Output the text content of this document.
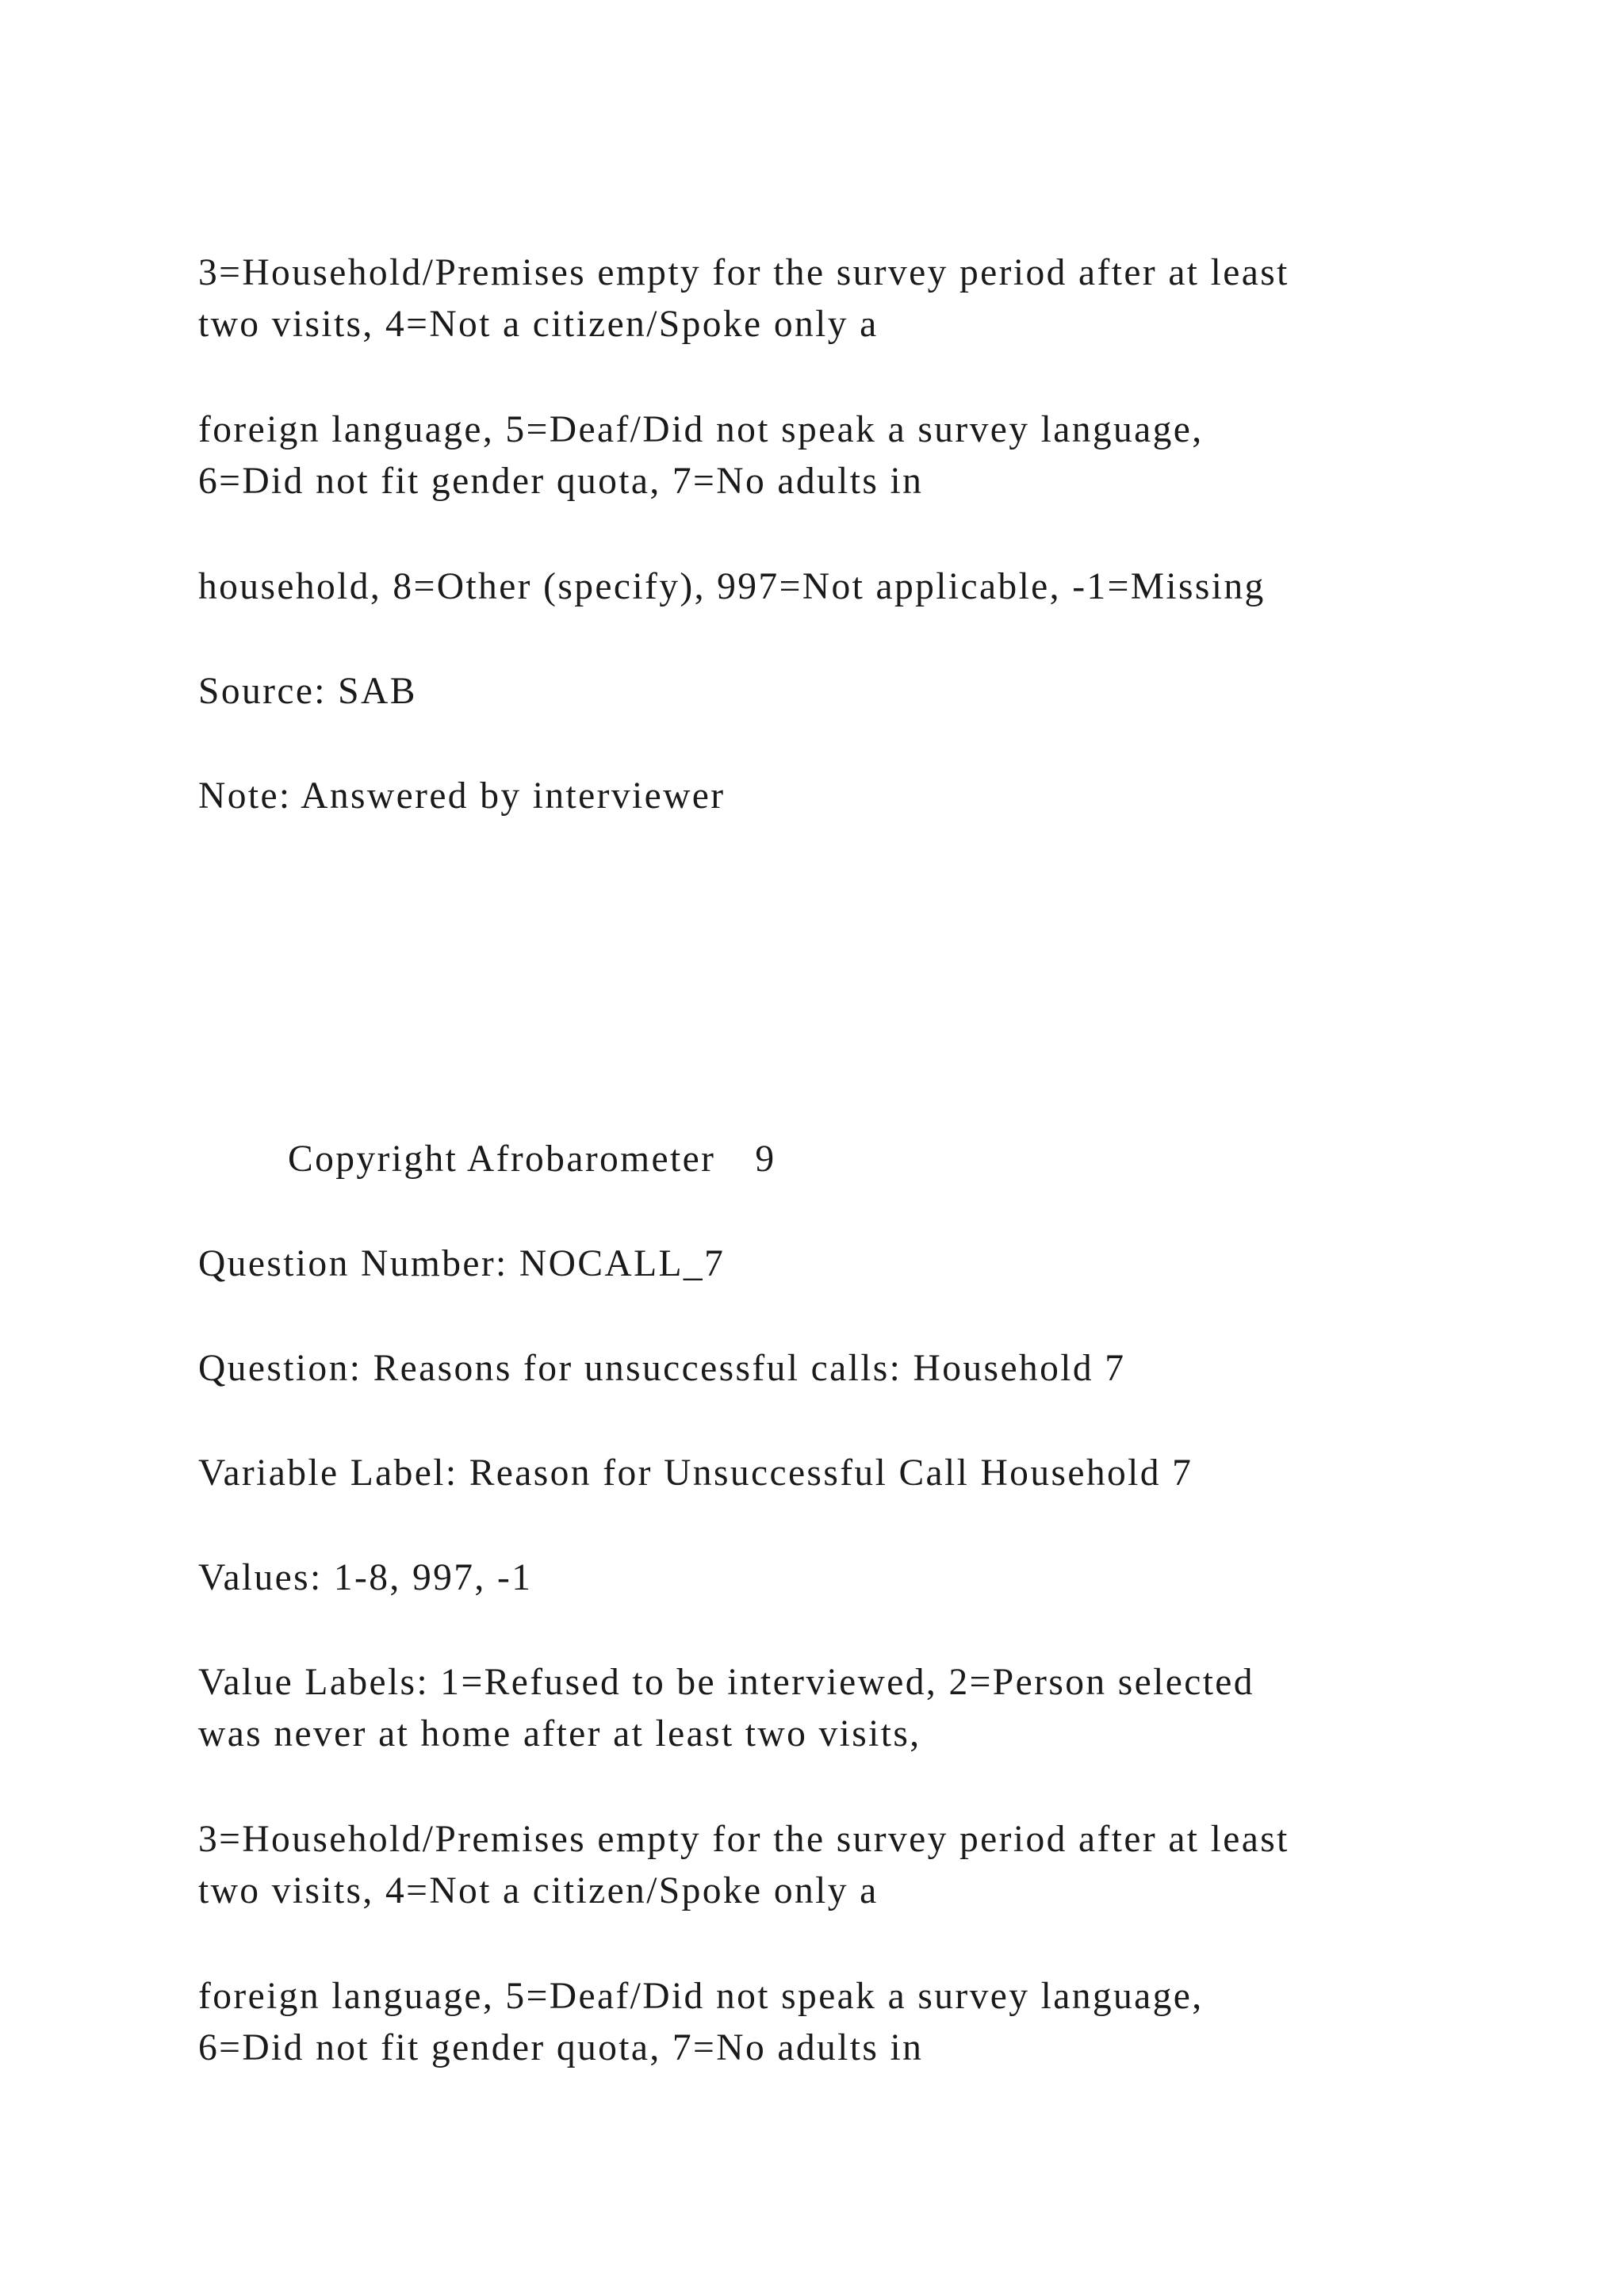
3=Household/Premises empty for the survey period after at least
two visits, 4=Not a citizen/Spoke only a

foreign language, 5=Deaf/Did not speak a survey language,
6=Did not fit gender quota, 7=No adults in

household, 8=Other (specify), 997=Not applicable, -1=Missing

Source: SAB

Note: Answered by interviewer

Copyright Afrobarometer 9

Question Number: NOCALL_7

Question: Reasons for unsuccessful calls: Household 7

Variable Label: Reason for Unsuccessful Call Household 7

Values: 1-8, 997, -1

Value Labels: 1=Refused to be interviewed, 2=Person selected
was never at home after at least two visits,

3=Household/Premises empty for the survey period after at least
two visits, 4=Not a citizen/Spoke only a

foreign language, 5=Deaf/Did not speak a survey language,
6=Did not fit gender quota, 7=No adults in
